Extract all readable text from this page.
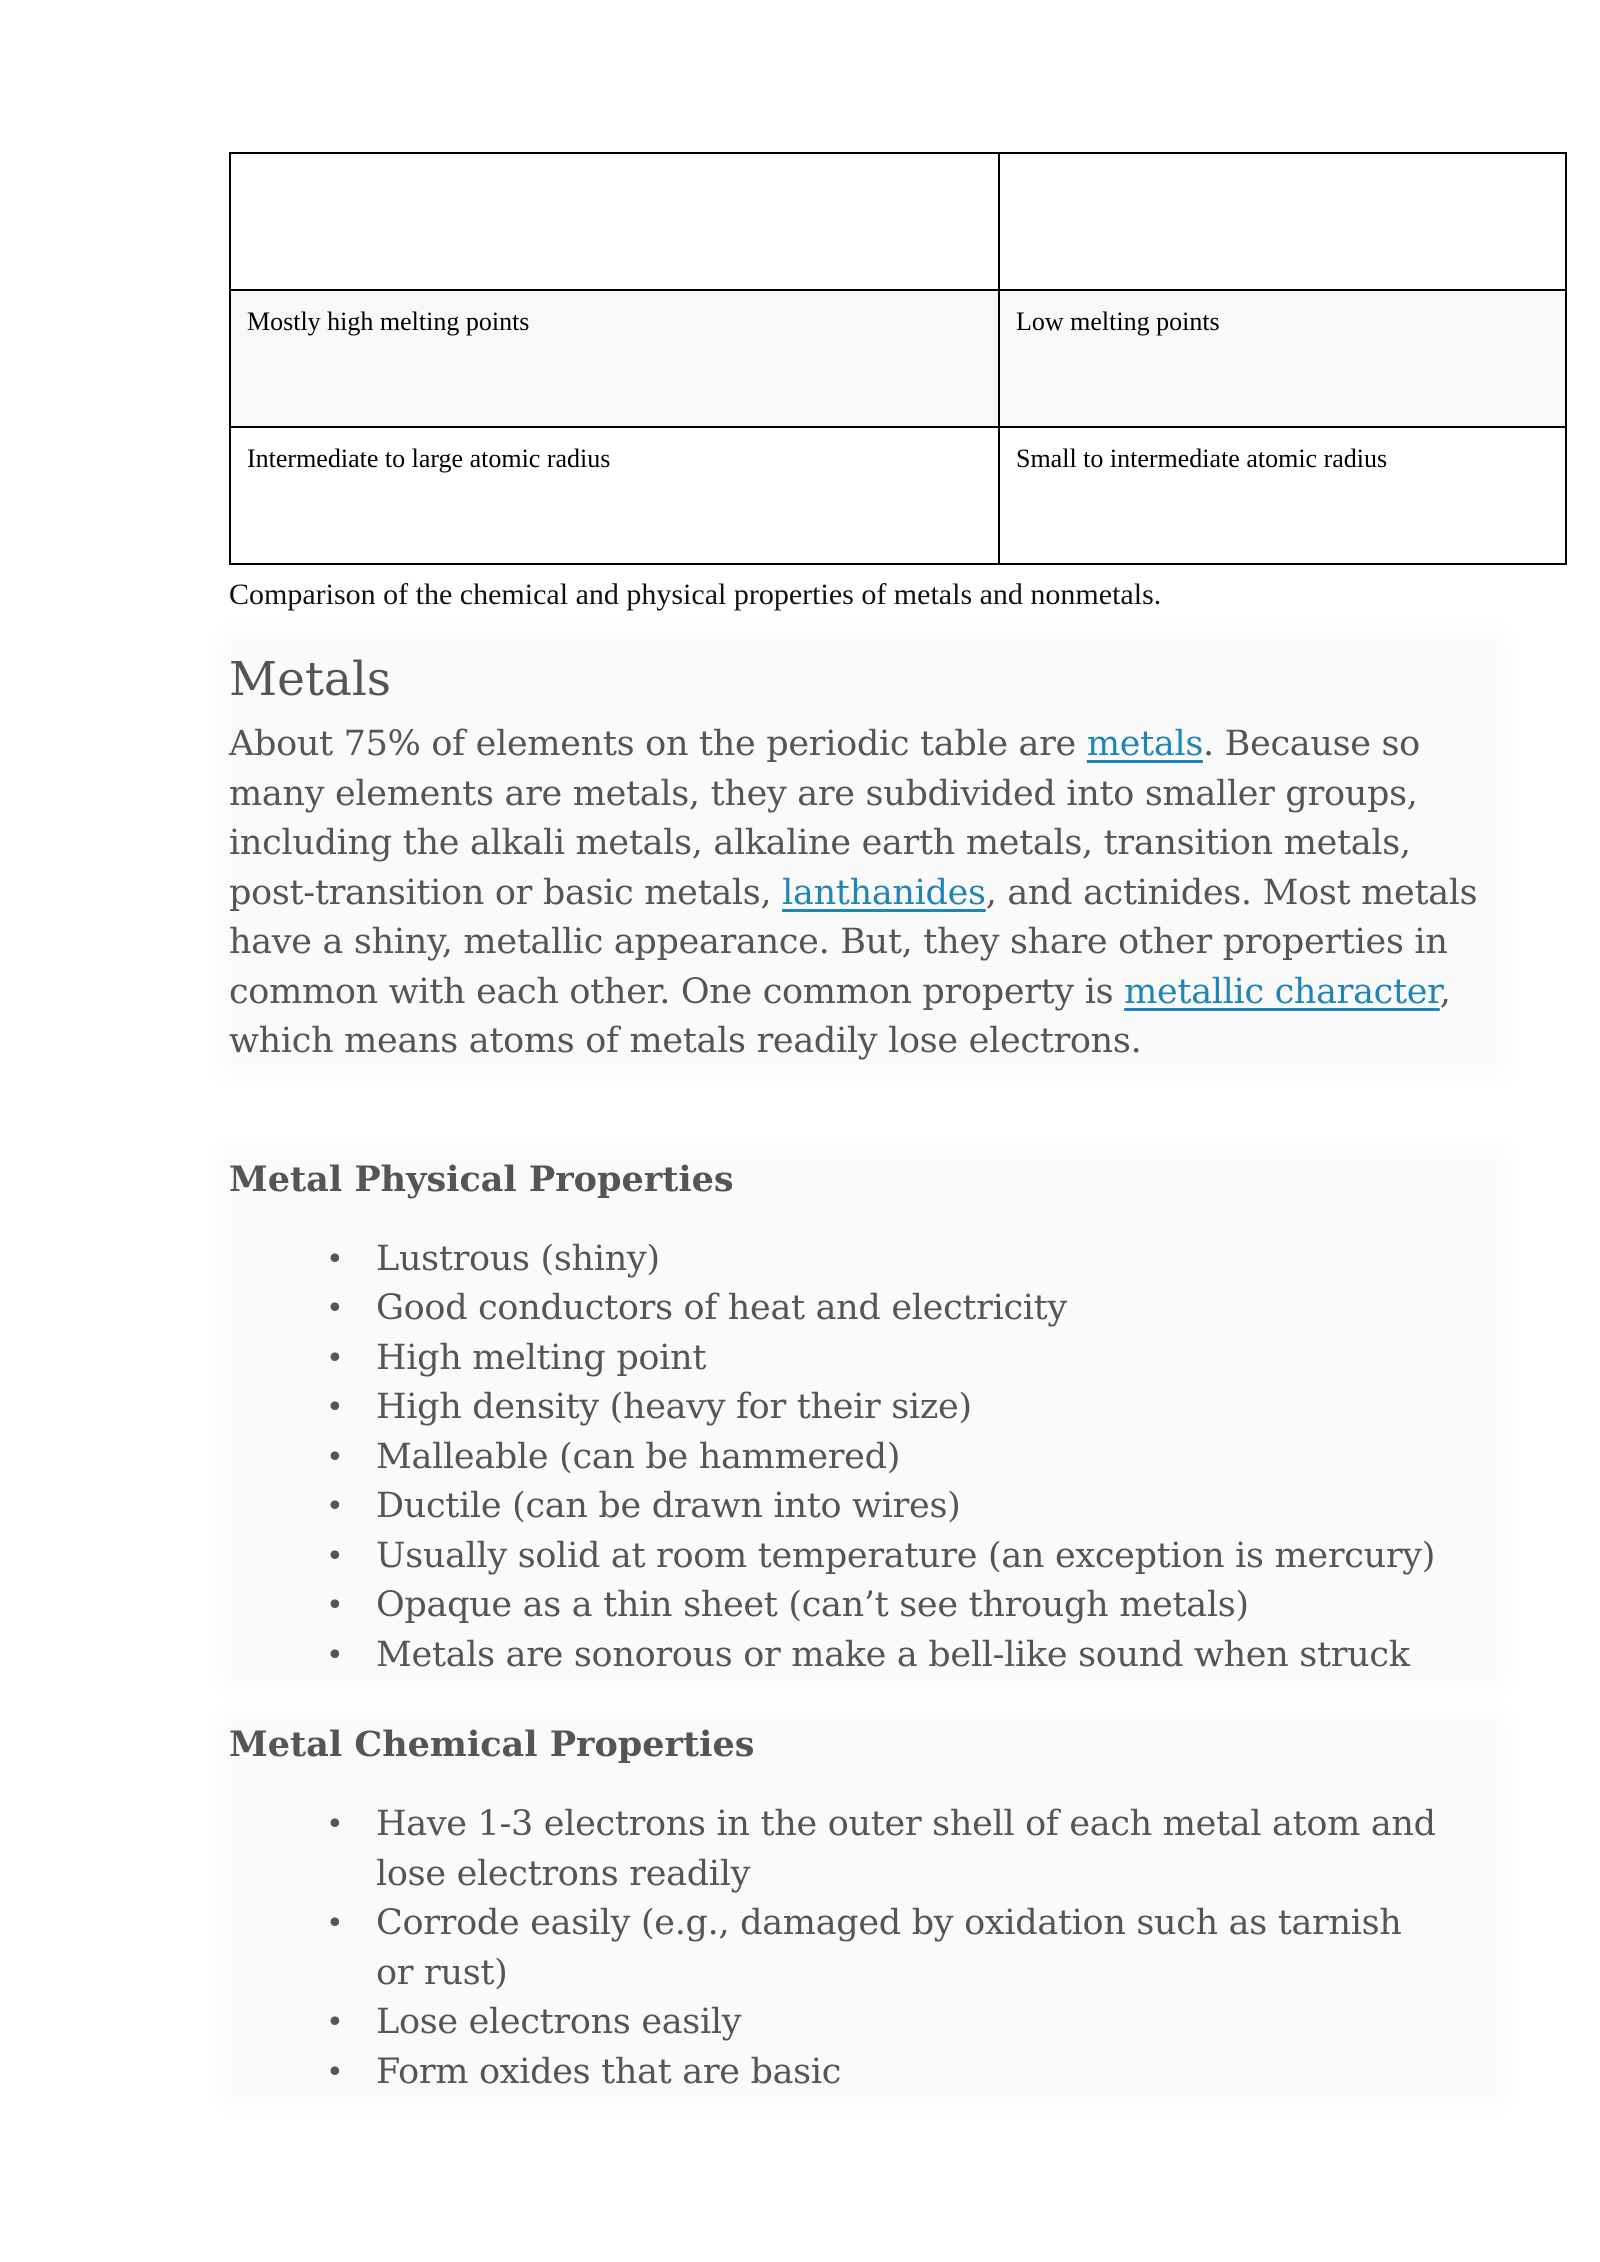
Mostly high melting points	Low melting points
Intermediate to large atomic radius	Small to intermediate atomic radius

Comparison of the chemical and physical properties of metals and nonmetals.

Metals

About 75% of elements on the periodic table are metals. Because so many elements are metals, they are subdivided into smaller groups, including the alkali metals, alkaline earth metals, transition metals, post-transition or basic metals, lanthanides, and actinides. Most metals have a shiny, metallic appearance. But, they share other properties in common with each other. One common property is metallic character, which means atoms of metals readily lose electrons.

Metal Physical Properties
• Lustrous (shiny)
• Good conductors of heat and electricity
• High melting point
• High density (heavy for their size)
• Malleable (can be hammered)
• Ductile (can be drawn into wires)
• Usually solid at room temperature (an exception is mercury)
• Opaque as a thin sheet (can’t see through metals)
• Metals are sonorous or make a bell-like sound when struck
Metal Chemical Properties
• Have 1-3 electrons in the outer shell of each metal atom and lose electrons readily
• Corrode easily (e.g., damaged by oxidation such as tarnish or rust)
• Lose electrons easily
• Form oxides that are basic
